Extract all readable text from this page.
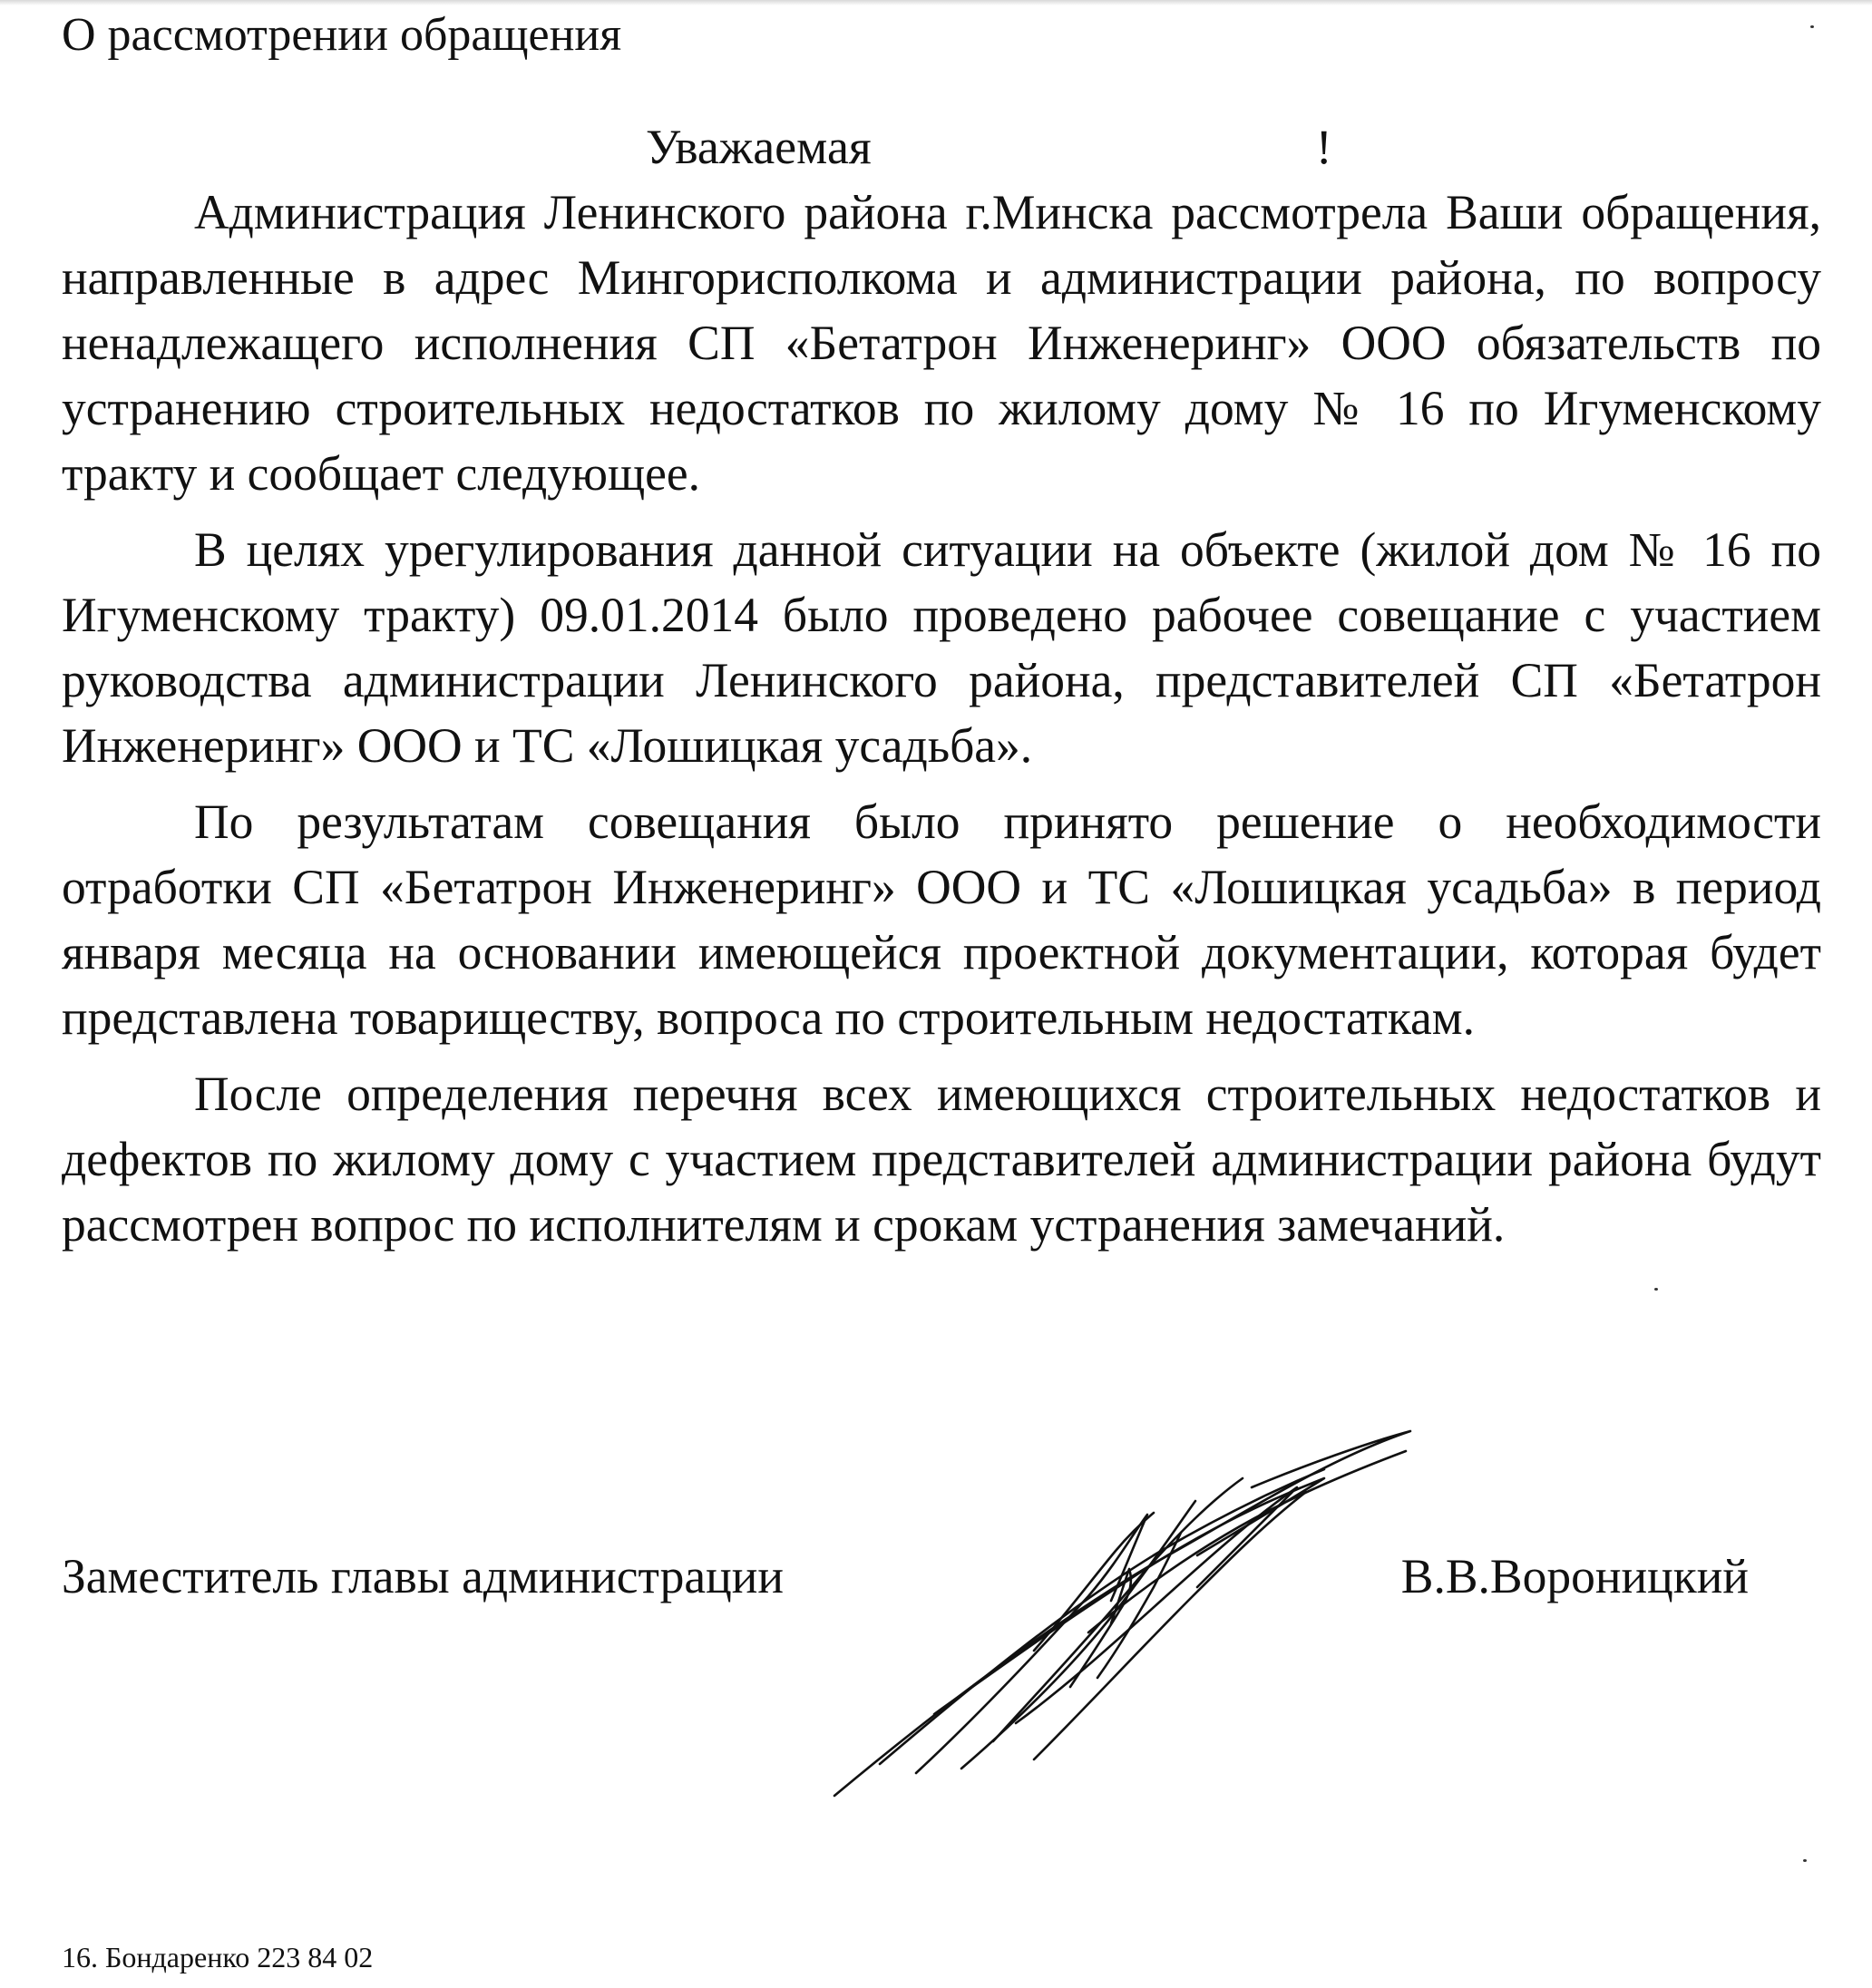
О рассмотрении обращения
Уважаемая	!

Администрация Ленинского района г.Минска рассмотрела Ваши обращения, направленные в адрес Мингорисполкома и администрации района, по вопросу ненадлежащего исполнения СП «Бетатрон Инженеринг» ООО обязательств по устранению строительных недостатков по жилому дому № 16 по Игуменскому тракту и сообщает следующее.

В целях урегулирования данной ситуации на объекте (жилой дом № 16 по Игуменскому тракту) 09.01.2014 было проведено рабочее совещание с участием руководства администрации Ленинского района, представителей СП «Бетатрон Инженеринг» ООО и ТС «Лошицкая усадьба».

По результатам совещания было принято решение о необходимости отработки СП «Бетатрон Инженеринг» ООО и ТС «Лошицкая усадьба» в период января месяца на основании имеющейся проектной документации, которая будет представлена товариществу, вопроса по строительным недостаткам.

После определения перечня всех имеющихся строительных недостатков и дефектов по жилому дому с участием представителей администрации района будут рассмотрен вопрос по исполнителям и срокам устранения замечаний.

Заместитель главы администрации	В.В.Вороницкий
16. Бондаренко 223 84 02
